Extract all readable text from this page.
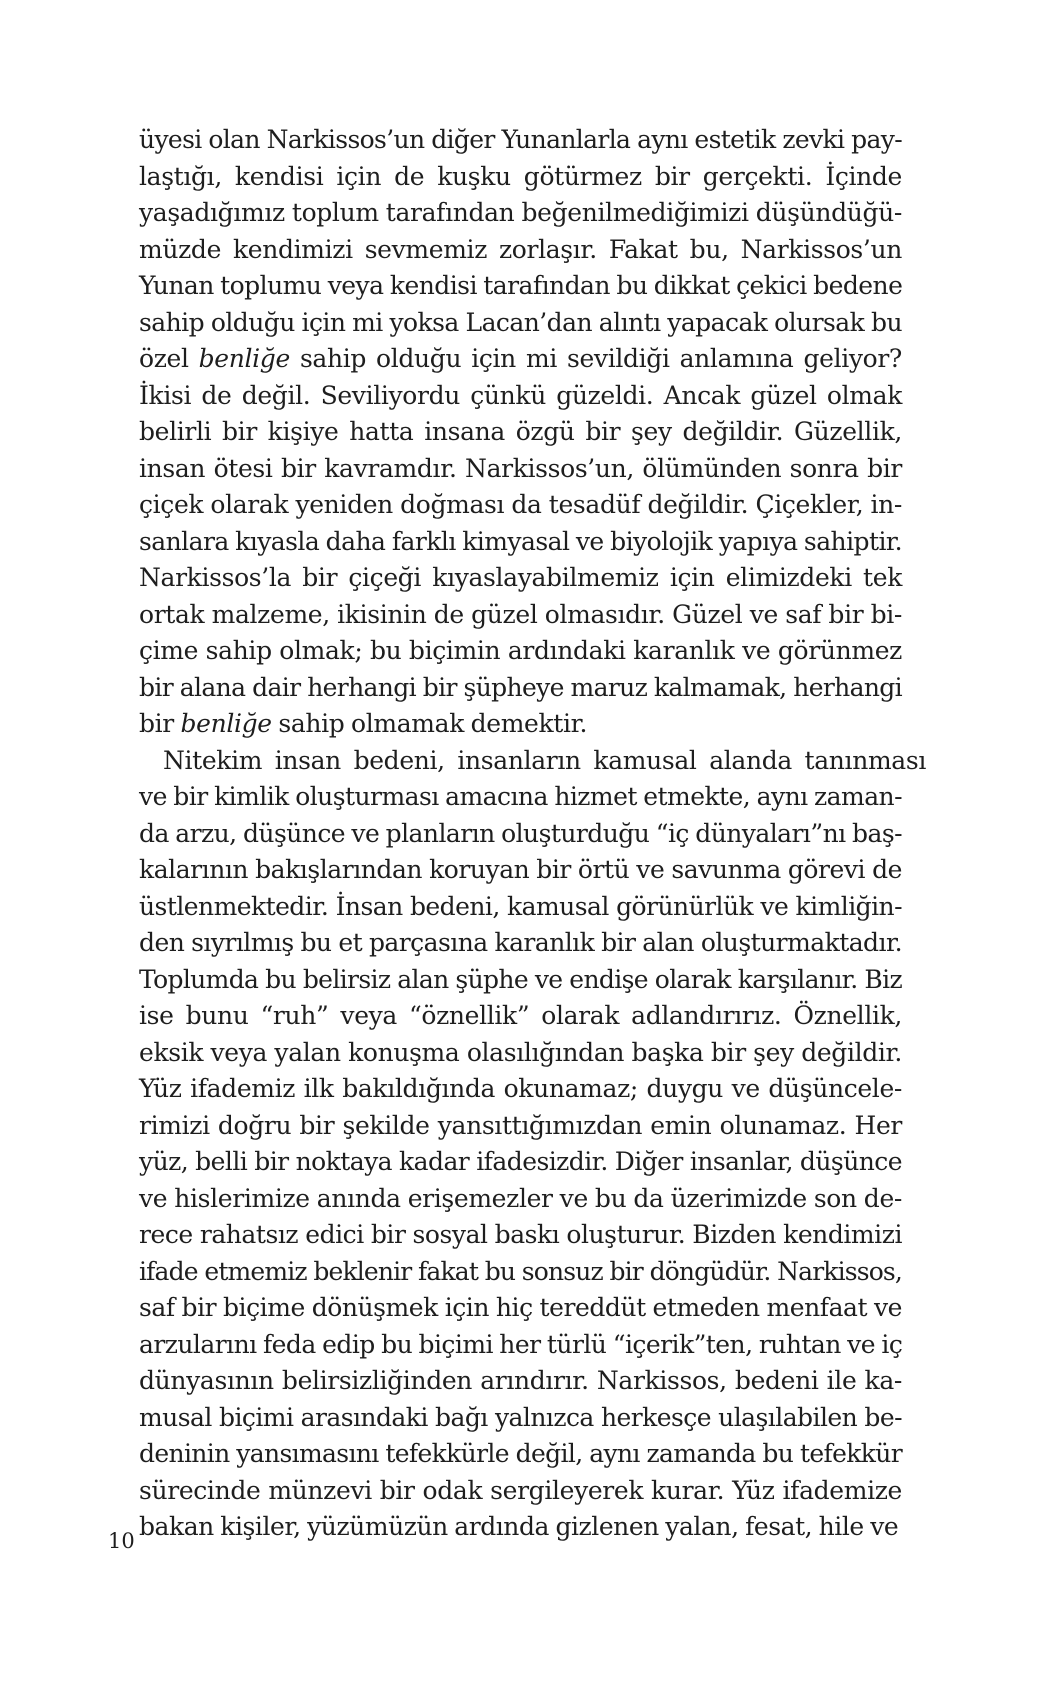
üyesi olan Narkissos’un diğer Yunanlarla aynı estetik zevki pay-
laştığı, kendisi için de kuşku götürmez bir gerçekti. İçinde
yaşadığımız toplum tarafından beğenilmediğimizi düşündüğü-
müzde kendimizi sevmemiz zorlaşır. Fakat bu, Narkissos’un
Yunan toplumu veya kendisi tarafından bu dikkat çekici bedene
sahip olduğu için mi yoksa Lacan’dan alıntı yapacak olursak bu
özel benliğe sahip olduğu için mi sevildiği anlamına geliyor?
İkisi de değil. Seviliyordu çünkü güzeldi. Ancak güzel olmak
belirli bir kişiye hatta insana özgü bir şey değildir. Güzellik,
insan ötesi bir kavramdır. Narkissos’un, ölümünden sonra bir
çiçek olarak yeniden doğması da tesadüf değildir. Çiçekler, in-
sanlara kıyasla daha farklı kimyasal ve biyolojik yapıya sahiptir.
Narkissos’la bir çiçeği kıyaslayabilmemiz için elimizdeki tek
ortak malzeme, ikisinin de güzel olmasıdır. Güzel ve saf bir bi-
çime sahip olmak; bu biçimin ardındaki karanlık ve görünmez
bir alana dair herhangi bir şüpheye maruz kalmamak, herhangi
bir benliğe sahip olmamak demektir.
Nitekim insan bedeni, insanların kamusal alanda tanınması
ve bir kimlik oluşturması amacına hizmet etmekte, aynı zaman-
da arzu, düşünce ve planların oluşturduğu “iç dünyaları”nı baş-
kalarının bakışlarından koruyan bir örtü ve savunma görevi de
üstlenmektedir. İnsan bedeni, kamusal görünürlük ve kimliğin-
den sıyrılmış bu et parçasına karanlık bir alan oluşturmaktadır.
Toplumda bu belirsiz alan şüphe ve endişe olarak karşılanır. Biz
ise bunu “ruh” veya “öznellik” olarak adlandırırız. Öznellik,
eksik veya yalan konuşma olasılığından başka bir şey değildir.
Yüz ifademiz ilk bakıldığında okunamaz; duygu ve düşüncele-
rimizi doğru bir şekilde yansıttığımızdan emin olunamaz. Her
yüz, belli bir noktaya kadar ifadesizdir. Diğer insanlar, düşünce
ve hislerimize anında erişemezler ve bu da üzerimizde son de-
rece rahatsız edici bir sosyal baskı oluşturur. Bizden kendimizi
ifade etmemiz beklenir fakat bu sonsuz bir döngüdür. Narkissos,
saf bir biçime dönüşmek için hiç tereddüt etmeden menfaat ve
arzularını feda edip bu biçimi her türlü “içerik”ten, ruhtan ve iç
dünyasının belirsizliğinden arındırır. Narkissos, bedeni ile ka-
musal biçimi arasındaki bağı yalnızca herkesçe ulaşılabilen be-
deninin yansımasını tefekkürle değil, aynı zamanda bu tefekkür
sürecinde münzevi bir odak sergileyerek kurar. Yüz ifademize
bakan kişiler, yüzümüzün ardında gizlenen yalan, fesat, hile ve
10
